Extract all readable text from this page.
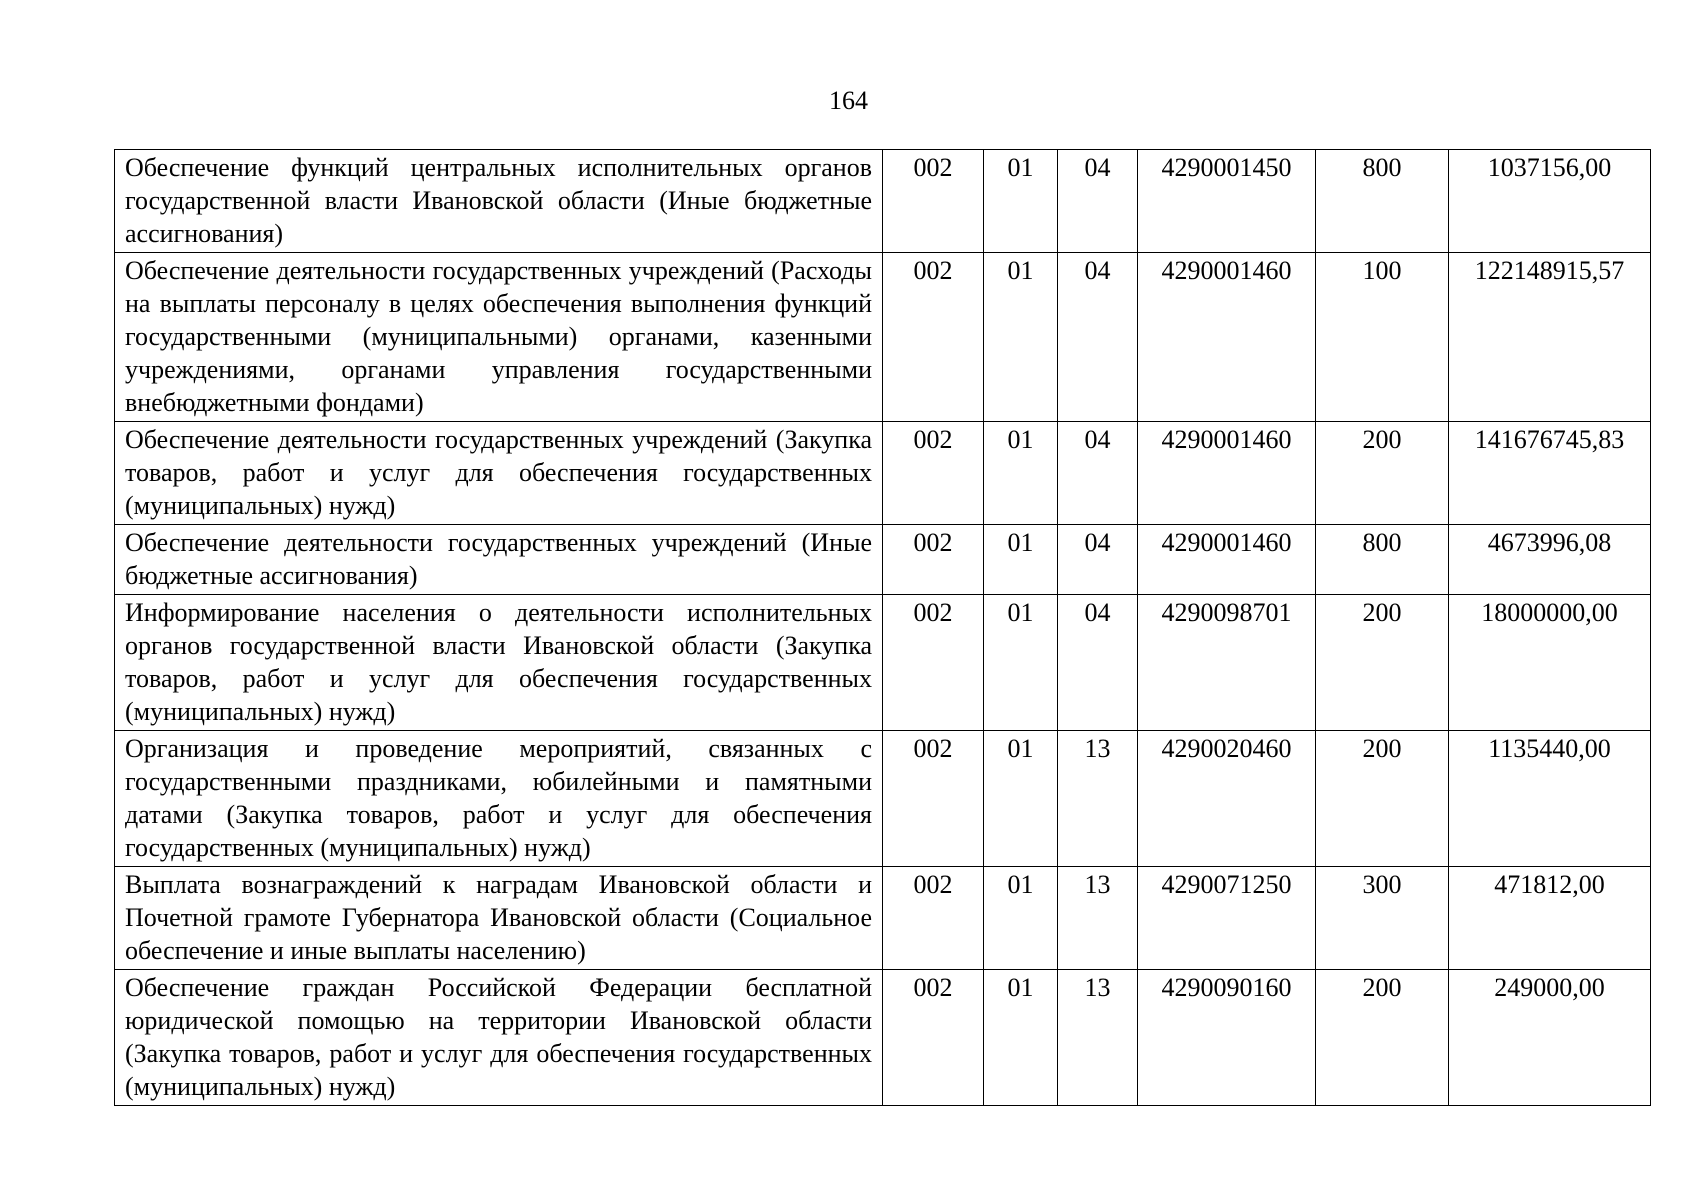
164
Обеспечение функций центральных исполнительных органов государственной власти Ивановской области (Иные бюджетные ассигнования)	002	01	04	4290001450	800	1037156,00
Обеспечение деятельности государственных учреждений (Расходы на выплаты персоналу в целях обеспечения выполнения функций государственными (муниципальными) органами, казенными учреждениями, органами управления государственными внебюджетными фондами)	002	01	04	4290001460	100	122148915,57
Обеспечение деятельности государственных учреждений (Закупка товаров, работ и услуг для обеспечения государственных (муниципальных) нужд)	002	01	04	4290001460	200	141676745,83
Обеспечение деятельности государственных учреждений (Иные бюджетные ассигнования)	002	01	04	4290001460	800	4673996,08
Информирование населения о деятельности исполнительных органов государственной власти Ивановской области (Закупка товаров, работ и услуг для обеспечения государственных (муниципальных) нужд)	002	01	04	4290098701	200	18000000,00
Организация и проведение мероприятий, связанных с государственными праздниками, юбилейными и памятными датами (Закупка товаров, работ и услуг для обеспечения государственных (муниципальных) нужд)	002	01	13	4290020460	200	1135440,00
Выплата вознаграждений к наградам Ивановской области и Почетной грамоте Губернатора Ивановской области (Социальное обеспечение и иные выплаты населению)	002	01	13	4290071250	300	471812,00
Обеспечение граждан Российской Федерации бесплатной юридической помощью на территории Ивановской области (Закупка товаров, работ и услуг для обеспечения государственных (муниципальных) нужд)	002	01	13	4290090160	200	249000,00
